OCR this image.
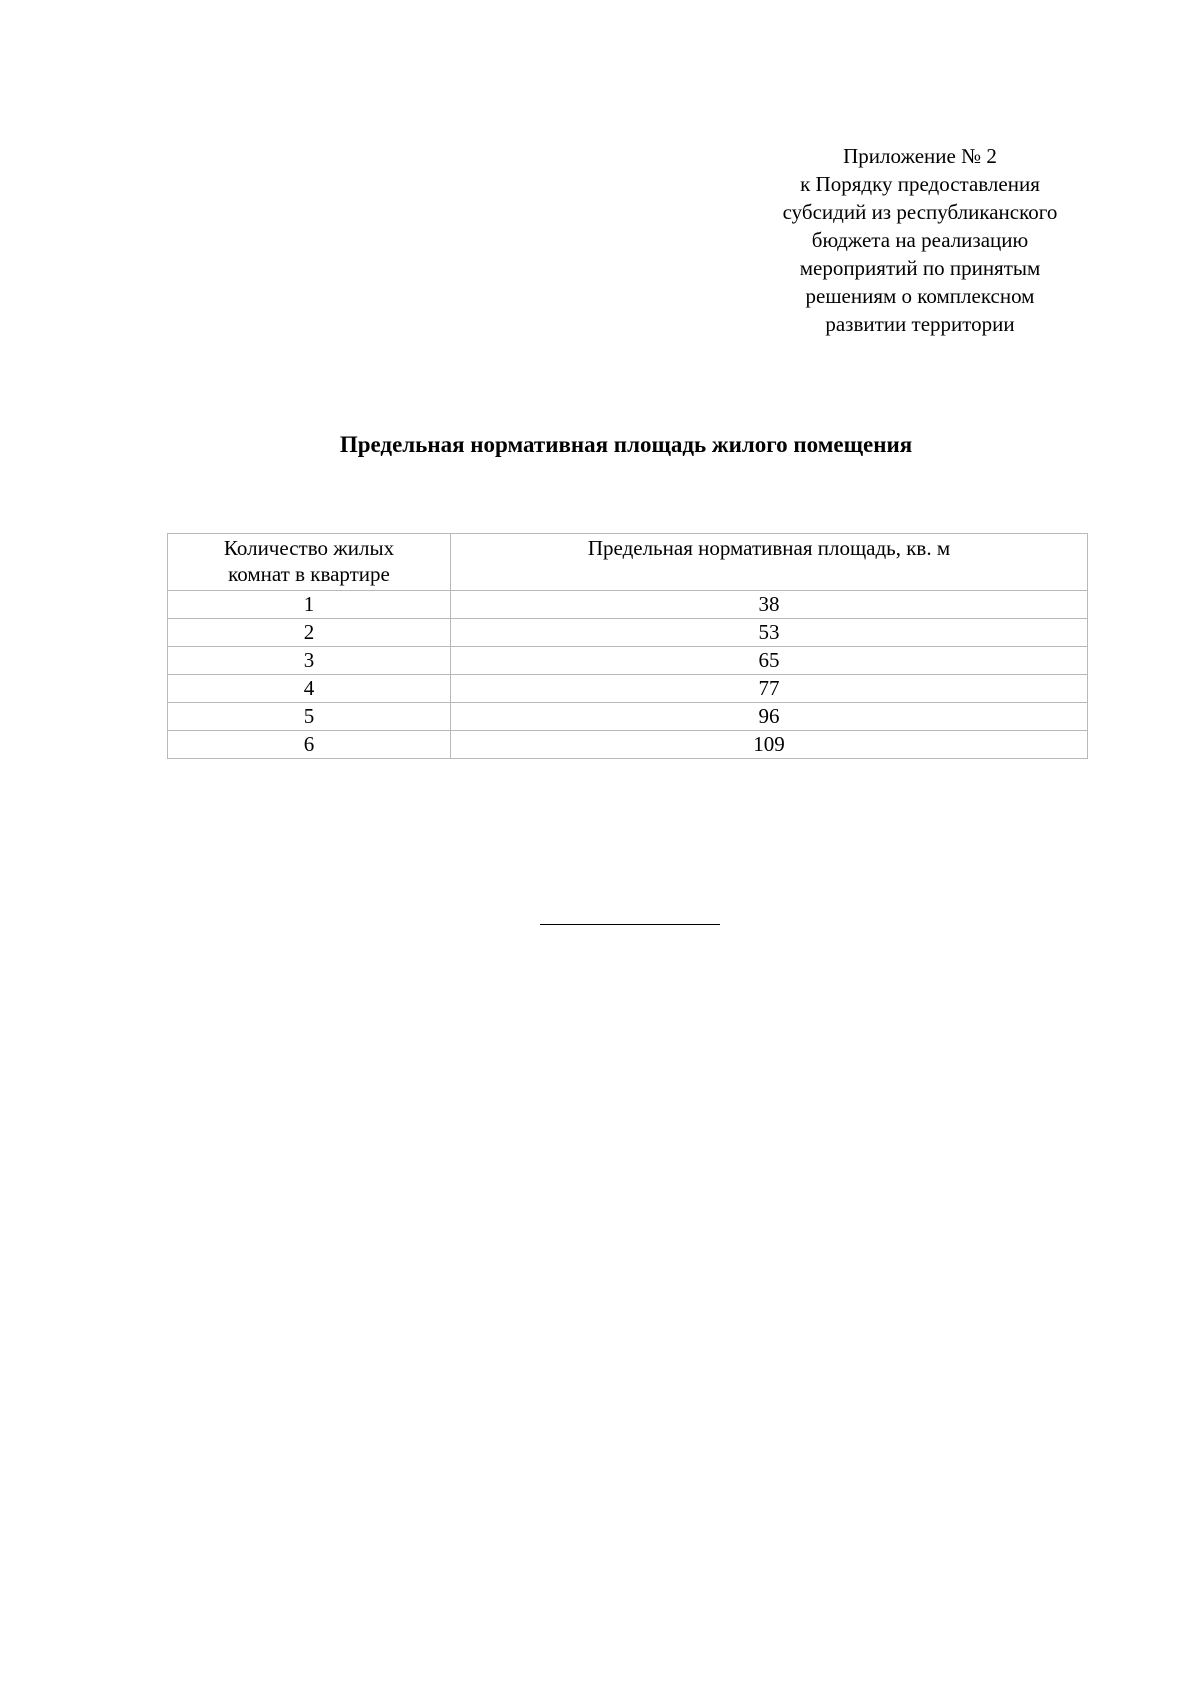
Приложение № 2
к Порядку предоставления
субсидий из республиканского
бюджета на реализацию
мероприятий по принятым
решениям о комплексном
развитии территории
Предельная нормативная площадь жилого помещения
Количество жилых
комнат в квартире	Предельная нормативная площадь, кв. м

1	38
2	53
3	65
4	77
5	96
6	109
